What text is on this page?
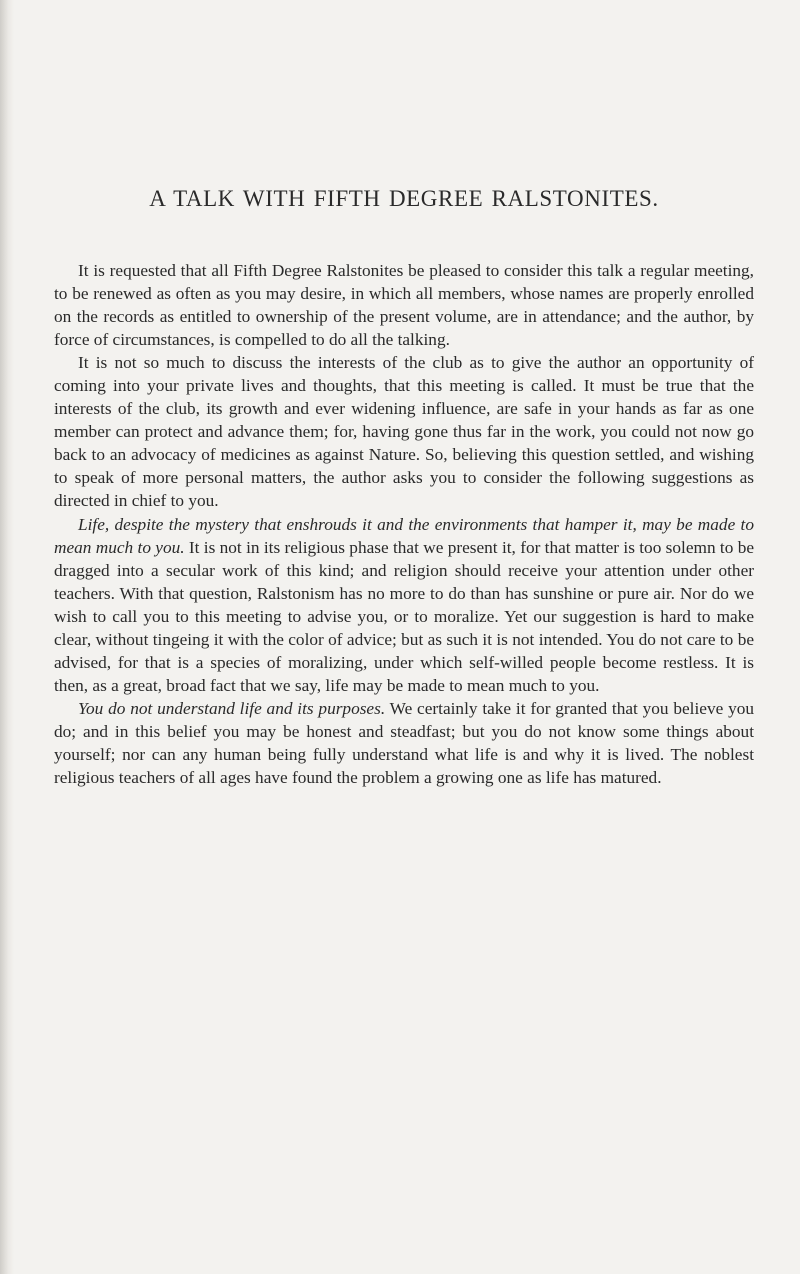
A TALK WITH FIFTH DEGREE RALSTONITES.

It is requested that all Fifth Degree Ralstonites be pleased to consider this talk a regular meeting, to be renewed as often as you may desire, in which all members, whose names are properly enrolled on the records as entitled to ownership of the present volume, are in attendance; and the author, by force of circumstances, is compelled to do all the talking.

It is not so much to discuss the interests of the club as to give the author an opportunity of coming into your private lives and thoughts, that this meeting is called. It must be true that the interests of the club, its growth and ever widening influence, are safe in your hands as far as one member can protect and advance them; for, having gone thus far in the work, you could not now go back to an advocacy of medicines as against Nature. So, believing this question settled, and wishing to speak of more personal matters, the author asks you to consider the following suggestions as directed in chief to you.

Life, despite the mystery that enshrouds it and the environments that hamper it, may be made to mean much to you. It is not in its religious phase that we present it, for that matter is too solemn to be dragged into a secular work of this kind; and religion should receive your attention under other teachers. With that question, Ralstonism has no more to do than has sunshine or pure air. Nor do we wish to call you to this meeting to advise you, or to moralize. Yet our suggestion is hard to make clear, without tingeing it with the color of advice; but as such it is not intended. You do not care to be advised, for that is a species of moralizing, under which self-willed people become restless. It is then, as a great, broad fact that we say, life may be made to mean much to you.

You do not understand life and its purposes. We certainly take it for granted that you believe you do; and in this belief you may be honest and steadfast; but you do not know some things about yourself; nor can any human being fully understand what life is and why it is lived. The noblest religious teachers of all ages have found the problem a growing one as life has matured.
